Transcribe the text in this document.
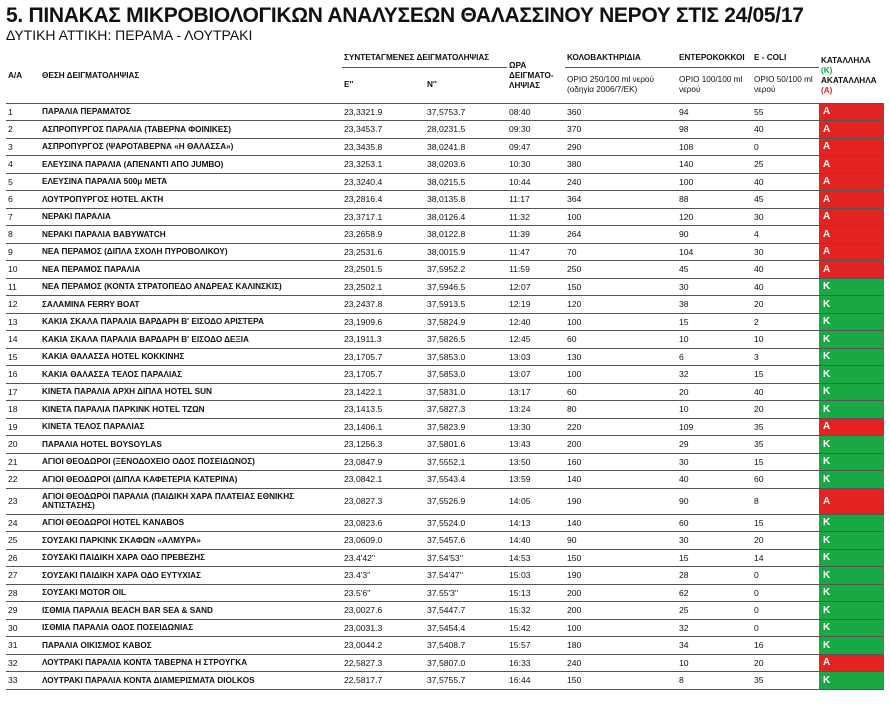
5. ΠΙΝΑΚΑΣ ΜΙΚΡΟΒΙΟΛΟΓΙΚΩΝ ΑΝΑΛΥΣΕΩΝ ΘΑΛΑΣΣΙΝΟΥ ΝΕΡΟΥ ΣΤΙΣ 24/05/17
ΔΥΤΙΚΗ ΑΤΤΙΚΗ: ΠΕΡΑΜΑ - ΛΟΥΤΡΑΚΙ
Α/Α	ΘΕΣΗ ΔΕΙΓΜΑΤΟΛΗΨΙΑΣ	ΣΥΝΤΕΤΑΓΜΕΝΕΣ ΔΕΙΓΜΑΤΟΛΗΨΙΑΣ		ΩΡΑ ΔΕΙΓΜΑΤΟ-ΛΗΨΙΑΣ	ΚΟΛΟΒΑΚΤΗΡΙΔΙΑ	ΕΝΤΕΡΟΚΟΚΚΟΙ	Ε - COLI	ΚΑΤΑΛΛΗΛΑ
(Κ)
ΑΚΑΤΑΛΛΗΛΑ
(Α)
		Ε''	Ν''		ΟΡΙΟ 250/100 ml νερού (οδηγία 2006/7/ΕΚ)	ΟΡΙΟ 100/100 ml νερού	ΟΡΙΟ 50/100 ml νερού	
1	ΠΑΡΑΛΙΑ ΠΕΡΑΜΑΤΟΣ	23,3321.9	37,5753.7	08:40	360	94	55	Α
2	ΑΣΠΡΟΠΥΡΓΟΣ ΠΑΡΑΛΙΑ (ΤΑΒΕΡΝΑ ΦΟΙΝΙΚΕΣ)	23,3453.7	28,0231.5	09:30	370	98	40	Α
3	ΑΣΠΡΟΠΥΡΓΟΣ (ΨΑΡΟΤΑΒΕΡΝΑ «Η ΘΑΛΑΣΣΑ»)	23,3435.8	38,0241.8	09:47	290	108	0	Α
4	ΕΛΕΥΣΙΝΑ ΠΑΡΑΛΙΑ (ΑΠΕΝΑΝΤΙ ΑΠΟ JUMBO)	23,3253.1	38,0203.6	10:30	380	140	25	Α
5	ΕΛΕΥΣΙΝΑ ΠΑΡΑΛΙΑ 500μ ΜΕΤΑ	23,3240.4	38,0215.5	10:44	240	100	40	Α
6	ΛΟΥΤΡΟΠΥΡΓΟΣ HOTEL AKTH	23,2816.4	38,0135.8	11:17	364	88	45	Α
7	ΝΕΡΑΚΙ ΠΑΡΑΛΙΑ	23,3717.1	38,0126.4	11:32	100	120	30	Α
8	ΝΕΡΑΚΙ ΠΑΡΑΛΙΑ BABYWATCH	23,2658.9	38,0122.8	11:39	264	90	4	Α
9	ΝΕΑ ΠΕΡΑΜΟΣ (ΔΙΠΛΑ ΣΧΟΛΗ ΠΥΡΟΒΟΛΙΚΟΥ)	23,2531.6	38,0015.9	11:47	70	104	30	Α
10	ΝΕΑ ΠΕΡΑΜΟΣ ΠΑΡΑΛΙΑ	23,2501.5	37,5952.2	11:59	250	45	40	Α
11	ΝΕΑ ΠΕΡΑΜΟΣ (ΚΟΝΤΑ ΣΤΡΑΤΟΠΕΔΟ ΑΝΔΡΕΑΣ ΚΑΛΙΝΣΚΙΣ)	23,2502.1	37,5946.5	12:07	150	30	40	Κ
12	ΣΑΛΑΜΙΝΑ FERRY BOAT	23,2437.8	37,5913.5	12:19	120	38	20	Κ
13	ΚΑΚΙΑ ΣΚΑΛΑ ΠΑΡΑΛΙΑ ΒΑΡΔΑΡΗ Β' ΕΙΣΟΔΟ ΑΡΙΣΤΕΡΑ	23,1909.6	37,5824.9	12:40	100	15	2	Κ
14	ΚΑΚΙΑ ΣΚΑΛΑ ΠΑΡΑΛΙΑ ΒΑΡΔΑΡΗ Β' ΕΙΣΟΔΟ ΔΕΞΙΑ	23,1911.3	37,5826.5	12:45	60	10	10	Κ
15	ΚΑΚΙΑ ΘΑΛΑΣΣΑ HOTEL ΚΟΚΚΙΝΗΣ	23,1705.7	37,5853.0	13:03	130	6	3	Κ
16	ΚΑΚΙΑ ΘΑΛΑΣΣΑ ΤΕΛΟΣ ΠΑΡΑΛΙΑΣ	23,1705.7	37,5853.0	13:07	100	32	15	Κ
17	ΚΙΝΕΤΑ ΠΑΡΑΛΙΑ ΑΡΧΗ ΔΙΠΛΑ HOTEL SUN	23,1422.1	37,5831.0	13:17	60	20	40	Κ
18	ΚΙΝΕΤΑ ΠΑΡΑΛΙΑ ΠΑΡΚΙΝΚ HOTEL ΤΖΩΝ	23,1413.5	37,5827.3	13:24	80	10	20	Κ
19	ΚΙΝΕΤΑ ΤΕΛΟΣ ΠΑΡΑΛΙΑΣ	23,1406.1	37,5823.9	13:30	220	109	35	Α
20	ΠΑΡΑΛΙΑ HOTEL BOYSOYLAS	23,1256.3	37,5801.6	13:43	200	29	35	Κ
21	ΑΓΙΟΙ ΘΕΟΔΩΡΟΙ (ΞΕΝΟΔΟΧΕΙΟ ΟΔΟΣ ΠΟΣΕΙΔΩΝΟΣ)	23,0847.9	37,5552.1	13:50	160	30	15	Κ
22	ΑΓΙΟΙ ΘΕΟΔΩΡΟΙ (ΔΙΠΛΑ ΚΑΦΕΤΕΡΙΑ ΚΑΤΕΡΙΝΑ)	23,0842.1	37,5543.4	13:59	140	40	60	Κ
23	ΑΓΙΟΙ ΘΕΟΔΩΡΟΙ ΠΑΡΑΛΙΑ (ΠΑΙΔΙΚΗ ΧΑΡΑ ΠΛΑΤΕΙΑΣ ΕΘΝΙΚΗΣ ΑΝΤΙΣΤΑΣΗΣ)	23,0827.3	37,5526.9	14:05	190	90	8	Α
24	ΑΓΙΟΙ ΘΕΟΔΩΡΟΙ HOTEL KANABOS	23,0823.6	37,5524.0	14:13	140	60	15	Κ
25	ΣΟΥΣΑΚΙ ΠΑΡΚΙΝΚ ΣΚΑΦΩΝ «ΑΛΜΥΡΑ»	23,0609.0	37,5457.6	14:40	90	30	20	Κ
26	ΣΟΥΣΑΚΙ ΠΑΙΔΙΚΗ ΧΑΡΑ ΟΔΟ ΠΡΕΒΕΖΗΣ	23.4'42''	37.54'53''	14:53	150	15	14	Κ
27	ΣΟΥΣΑΚΙ ΠΑΙΔΙΚΗ ΧΑΡΑ ΟΔΟ ΕΥΤΥΧΙΑΣ	23.4'3''	37.54'47''	15:03	190	28	0	Κ
28	ΣΟΥΣΑΚΙ MOTOR OIL	23.5'6''	37.55'3''	15:13	200	62	0	Κ
29	ΙΣΘΜΙΑ ΠΑΡΑΛΙΑ BEACH BAR SEA & SAND	23,0027.6	37,5447.7	15:32	200	25	0	Κ
30	ΙΣΘΜΙΑ ΠΑΡΑΛΙΑ ΟΔΟΣ ΠΟΣΕΙΔΩΝΙΑΣ	23,0031.3	37,5454.4	15:42	100	32	0	Κ
31	ΠΑΡΑΛΙΑ ΟΙΚΙΣΜΟΣ ΚΑΒΟΣ	23,0044.2	37,5408.7	15:57	180	34	16	Κ
32	ΛΟΥΤΡΑΚΙ ΠΑΡΑΛΙΑ ΚΟΝΤΑ ΤΑΒΕΡΝΑ Η ΣΤΡΟΥΓΚΑ	22,5827.3	37,5807.0	16:33	240	10	20	Α
33	ΛΟΥΤΡΑΚΙ ΠΑΡΑΛΙΑ ΚΟΝΤΑ ΔΙΑΜΕΡΙΣΜΑΤΑ DIOLKOS	22,5817.7	37,5755.7	16:44	150	8	35	Κ
